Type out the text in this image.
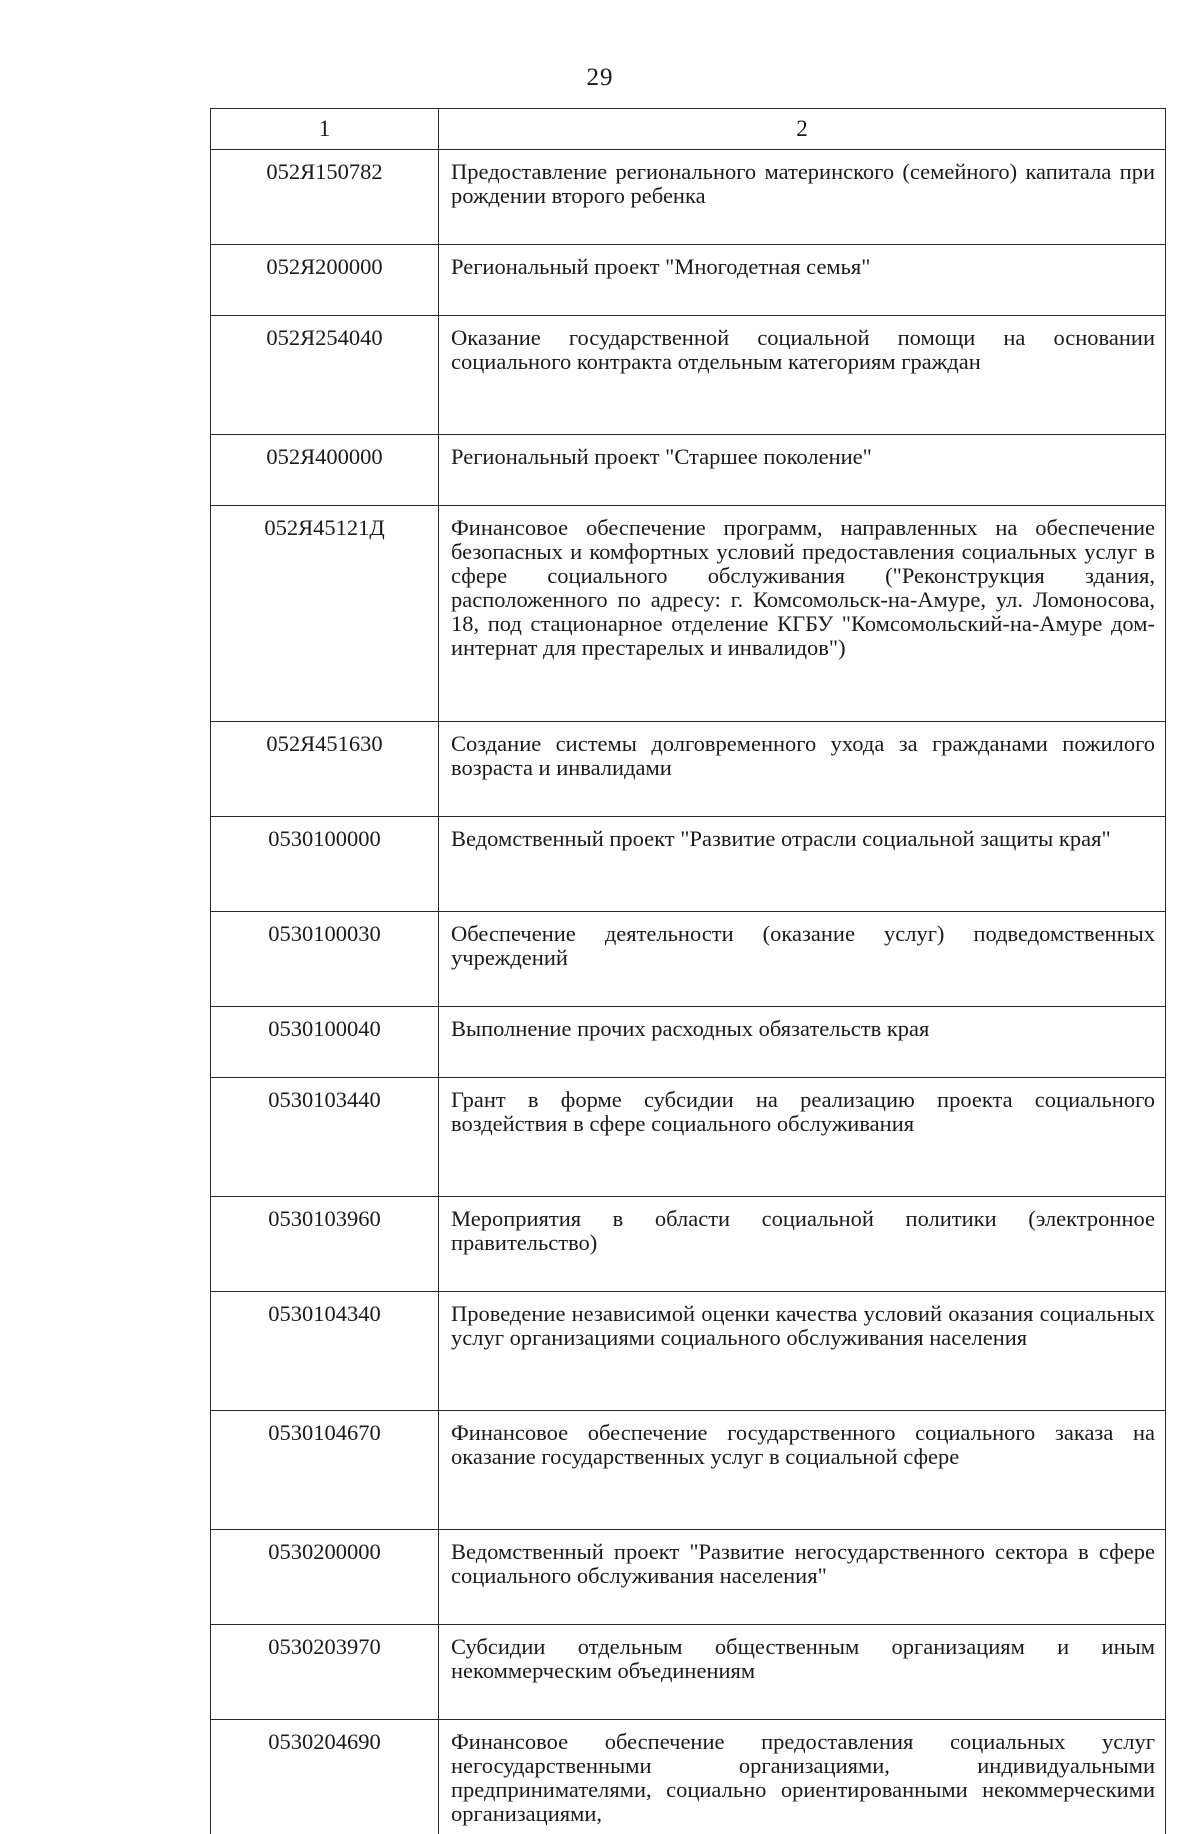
29
1	2
052Я150782	Предоставление регионального материнского (семейного) капитала при рождении второго ребенка
052Я200000	Региональный проект "Многодетная семья"
052Я254040	Оказание государственной социальной помощи на основании социального контракта отдельным категориям граждан
052Я400000	Региональный проект "Старшее поколение"
052Я45121Д	Финансовое обеспечение программ, направленных на обеспечение безопасных и комфортных условий предоставления социальных услуг в сфере социального обслуживания ("Реконструкция здания, расположенного по адресу: г. Комсомольск-на-Амуре, ул. Ломоносова, 18, под стационарное отделение КГБУ "Комсомольский-на-Амуре дом-интернат для престарелых и инвалидов")
052Я451630	Создание системы долговременного ухода за гражданами пожилого возраста и инвалидами
0530100000	Ведомственный проект "Развитие отрасли социальной защиты края"
0530100030	Обеспечение деятельности (оказание услуг) подведомственных учреждений
0530100040	Выполнение прочих расходных обязательств края
0530103440	Грант в форме субсидии на реализацию проекта социального воздействия в сфере социального обслуживания
0530103960	Мероприятия в области социальной политики (электронное правительство)
0530104340	Проведение независимой оценки качества условий оказания социальных услуг организациями социального обслуживания населения
0530104670	Финансовое обеспечение государственного социального заказа на оказание государственных услуг в социальной сфере
0530200000	Ведомственный проект "Развитие негосударственного сектора в сфере социального обслуживания населения"
0530203970	Субсидии отдельным общественным организациям и иным некоммерческим объединениям
0530204690	Финансовое обеспечение предоставления социальных услуг негосударственными организациями, индивидуальными предпринимателями, социально ориентированными некоммерческими организациями,
